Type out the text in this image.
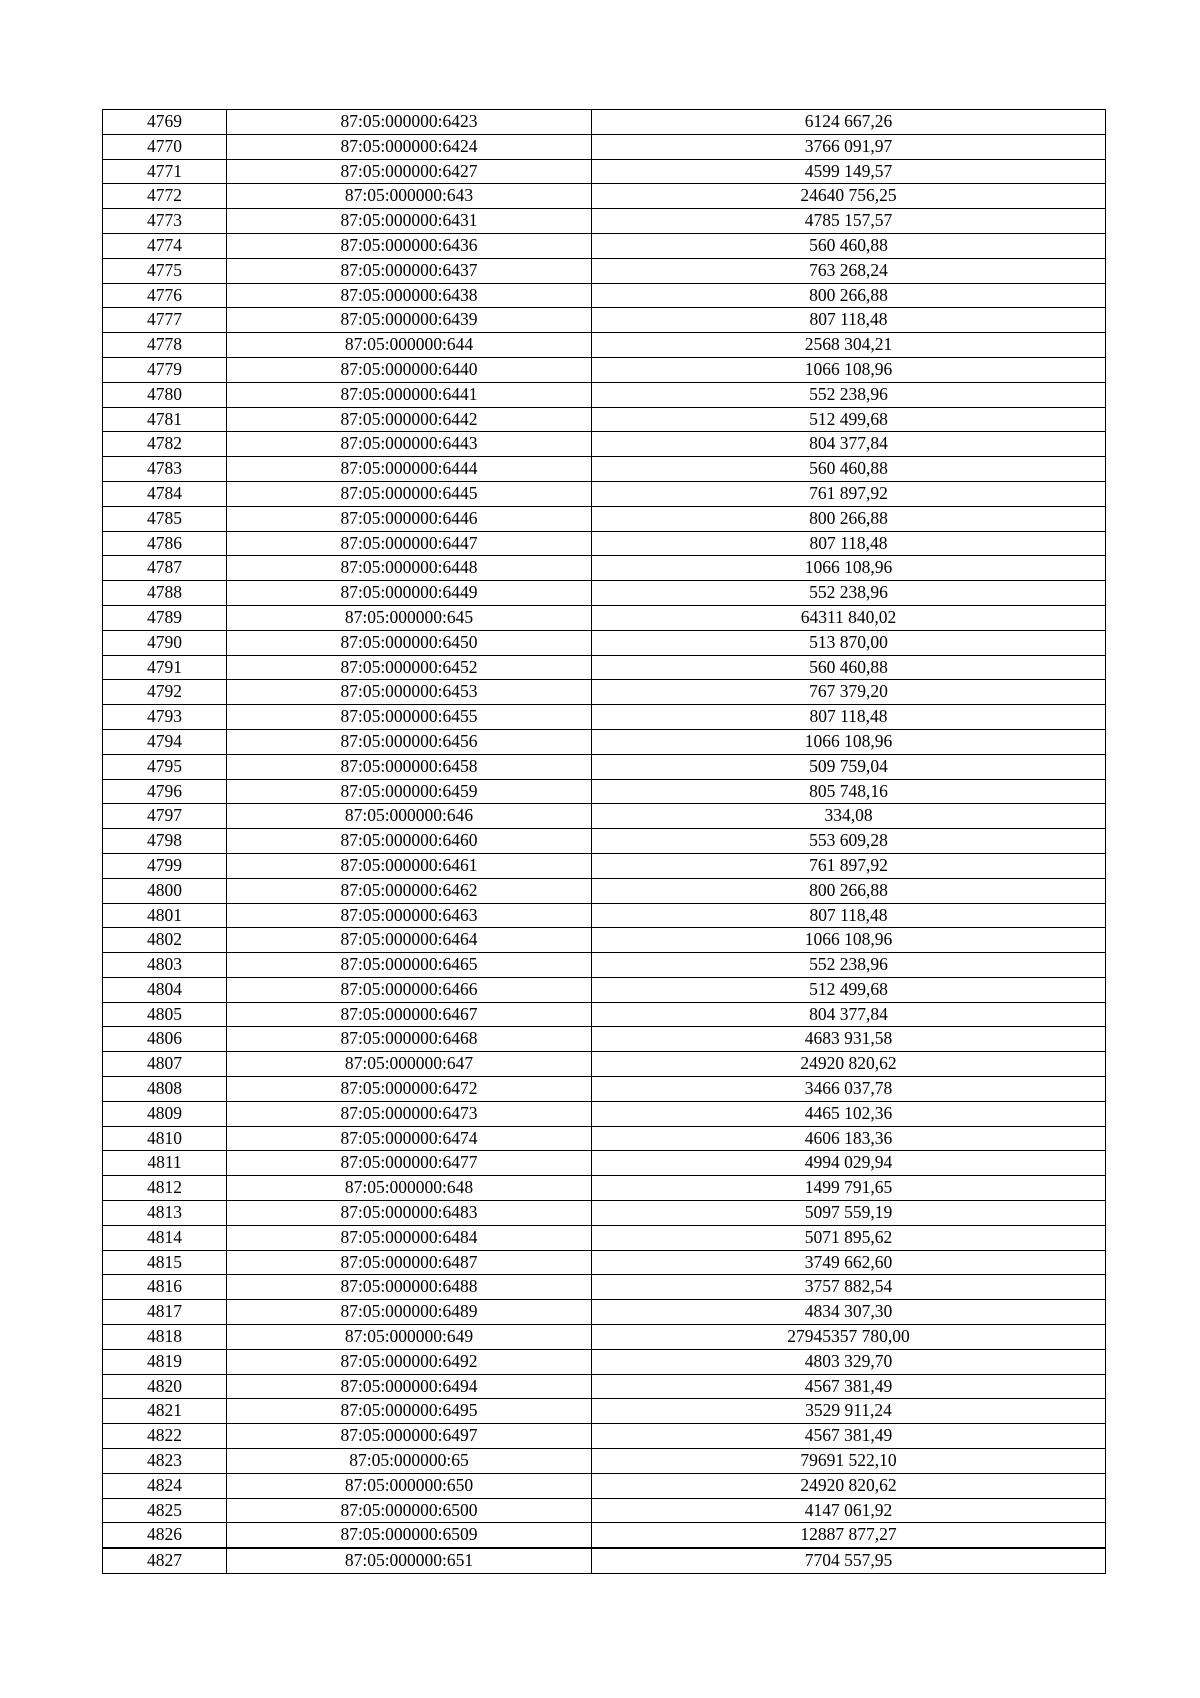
4769	87:05:000000:6423	6124 667,26
4770	87:05:000000:6424	3766 091,97
4771	87:05:000000:6427	4599 149,57
4772	87:05:000000:643	24640 756,25
4773	87:05:000000:6431	4785 157,57
4774	87:05:000000:6436	560 460,88
4775	87:05:000000:6437	763 268,24
4776	87:05:000000:6438	800 266,88
4777	87:05:000000:6439	807 118,48
4778	87:05:000000:644	2568 304,21
4779	87:05:000000:6440	1066 108,96
4780	87:05:000000:6441	552 238,96
4781	87:05:000000:6442	512 499,68
4782	87:05:000000:6443	804 377,84
4783	87:05:000000:6444	560 460,88
4784	87:05:000000:6445	761 897,92
4785	87:05:000000:6446	800 266,88
4786	87:05:000000:6447	807 118,48
4787	87:05:000000:6448	1066 108,96
4788	87:05:000000:6449	552 238,96
4789	87:05:000000:645	64311 840,02
4790	87:05:000000:6450	513 870,00
4791	87:05:000000:6452	560 460,88
4792	87:05:000000:6453	767 379,20
4793	87:05:000000:6455	807 118,48
4794	87:05:000000:6456	1066 108,96
4795	87:05:000000:6458	509 759,04
4796	87:05:000000:6459	805 748,16
4797	87:05:000000:646	334,08
4798	87:05:000000:6460	553 609,28
4799	87:05:000000:6461	761 897,92
4800	87:05:000000:6462	800 266,88
4801	87:05:000000:6463	807 118,48
4802	87:05:000000:6464	1066 108,96
4803	87:05:000000:6465	552 238,96
4804	87:05:000000:6466	512 499,68
4805	87:05:000000:6467	804 377,84
4806	87:05:000000:6468	4683 931,58
4807	87:05:000000:647	24920 820,62
4808	87:05:000000:6472	3466 037,78
4809	87:05:000000:6473	4465 102,36
4810	87:05:000000:6474	4606 183,36
4811	87:05:000000:6477	4994 029,94
4812	87:05:000000:648	1499 791,65
4813	87:05:000000:6483	5097 559,19
4814	87:05:000000:6484	5071 895,62
4815	87:05:000000:6487	3749 662,60
4816	87:05:000000:6488	3757 882,54
4817	87:05:000000:6489	4834 307,30
4818	87:05:000000:649	27945357 780,00
4819	87:05:000000:6492	4803 329,70
4820	87:05:000000:6494	4567 381,49
4821	87:05:000000:6495	3529 911,24
4822	87:05:000000:6497	4567 381,49
4823	87:05:000000:65	79691 522,10
4824	87:05:000000:650	24920 820,62
4825	87:05:000000:6500	4147 061,92
4826	87:05:000000:6509	12887 877,27
4827	87:05:000000:651	7704 557,95
